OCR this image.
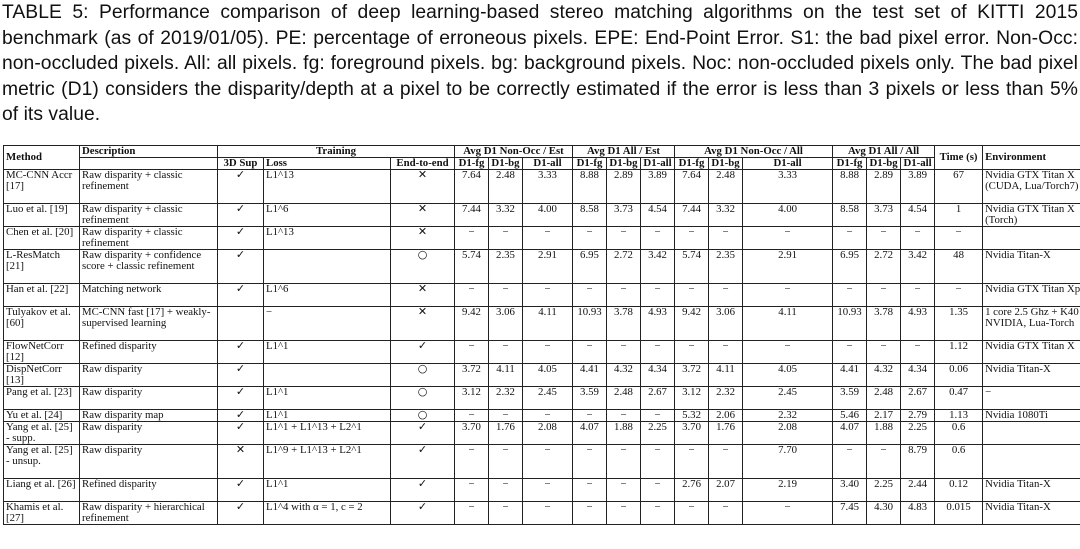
TABLE 5: Performance comparison of deep learning-based stereo matching algorithms on the test set of KITTI 2015 benchmark (as of 2019/01/05). PE: percentage of erroneous pixels. EPE: End-Point Error. S1: the bad pixel error. Non-Occ: non-occluded pixels. All: all pixels. fg: foreground pixels. bg: background pixels. Noc: non-occluded pixels only. The bad pixel metric (D1) considers the disparity/depth at a pixel to be correctly estimated if the error is less than 3 pixels or less than 5% of its value.
Method	Description	Training			Avg D1 Non-Occ / Est			Avg D1 All / Est			Avg D1 Non-Occ / All			Avg D1 All / All			Time (s)	Environment
		3D Sup	Loss	End-to-end	D1-fg	D1-bg	D1-all	D1-fg	D1-bg	D1-all	D1-fg	D1-bg	D1-all	D1-fg	D1-bg	D1-all		
MC-CNN Accr [17]	Raw disparity + classic refinement	✓	L1^13	✕	7.64	2.48	3.33	8.88	2.89	3.89	7.64	2.48	3.33	8.88	2.89	3.89	67	Nvidia GTX Titan X (CUDA, Lua/Torch7)
Luo et al. [19]	Raw disparity + classic refinement	✓	L1^6	✕	7.44	3.32	4.00	8.58	3.73	4.54	7.44	3.32	4.00	8.58	3.73	4.54	1	Nvidia GTX Titan X (Torch)
Chen et al. [20]	Raw disparity + classic refinement	✓	L1^13	✕	−	−	−	−	−	−	−	−	−	−	−	−	−	
L-ResMatch [21]	Raw disparity + confidence score + classic refinement	✓		○	5.74	2.35	2.91	6.95	2.72	3.42	5.74	2.35	2.91	6.95	2.72	3.42	48	Nvidia Titan-X
Han et al. [22]	Matching network	✓	L1^6	✕	−	−	−	−	−	−	−	−	−	−	−	−	−	Nvidia GTX Titan Xp
Tulyakov et al. [60]	MC-CNN fast [17] + weakly-supervised learning		−	✕	9.42	3.06	4.11	10.93	3.78	4.93	9.42	3.06	4.11	10.93	3.78	4.93	1.35	1 core 2.5 Ghz + K40 NVIDIA, Lua-Torch
FlowNetCorr [12]	Refined disparity	✓	L1^1	✓	−	−	−	−	−	−	−	−	−	−	−	−	1.12	Nvidia GTX Titan X
DispNetCorr [13]	Raw disparity	✓		○	3.72	4.11	4.05	4.41	4.32	4.34	3.72	4.11	4.05	4.41	4.32	4.34	0.06	Nvidia Titan-X
Pang et al. [23]	Raw disparity	✓	L1^1	○	3.12	2.32	2.45	3.59	2.48	2.67	3.12	2.32	2.45	3.59	2.48	2.67	0.47	−
Yu et al. [24]	Raw disparity map	✓	L1^1	○	−	−	−	−	−	−	5.32	2.06	2.32	5.46	2.17	2.79	1.13	Nvidia 1080Ti
Yang et al. [25] - supp.	Raw disparity	✓	L1^1 + L1^13 + L2^1	✓	3.70	1.76	2.08	4.07	1.88	2.25	3.70	1.76	2.08	4.07	1.88	2.25	0.6	
Yang et al. [25] - unsup.	Raw disparity	✕	L1^9 + L1^13 + L2^1	✓	−	−	−	−	−	−	−	−	7.70	−	−	8.79	0.6	
Liang et al. [26]	Refined disparity	✓	L1^1	✓	−	−	−	−	−	−	2.76	2.07	2.19	3.40	2.25	2.44	0.12	Nvidia Titan-X
Khamis et al. [27]	Raw disparity + hierarchical refinement	✓	L1^4 with α = 1, c = 2	✓	−	−	−	−	−	−	−	−	−	7.45	4.30	4.83	0.015	Nvidia Titan-X
